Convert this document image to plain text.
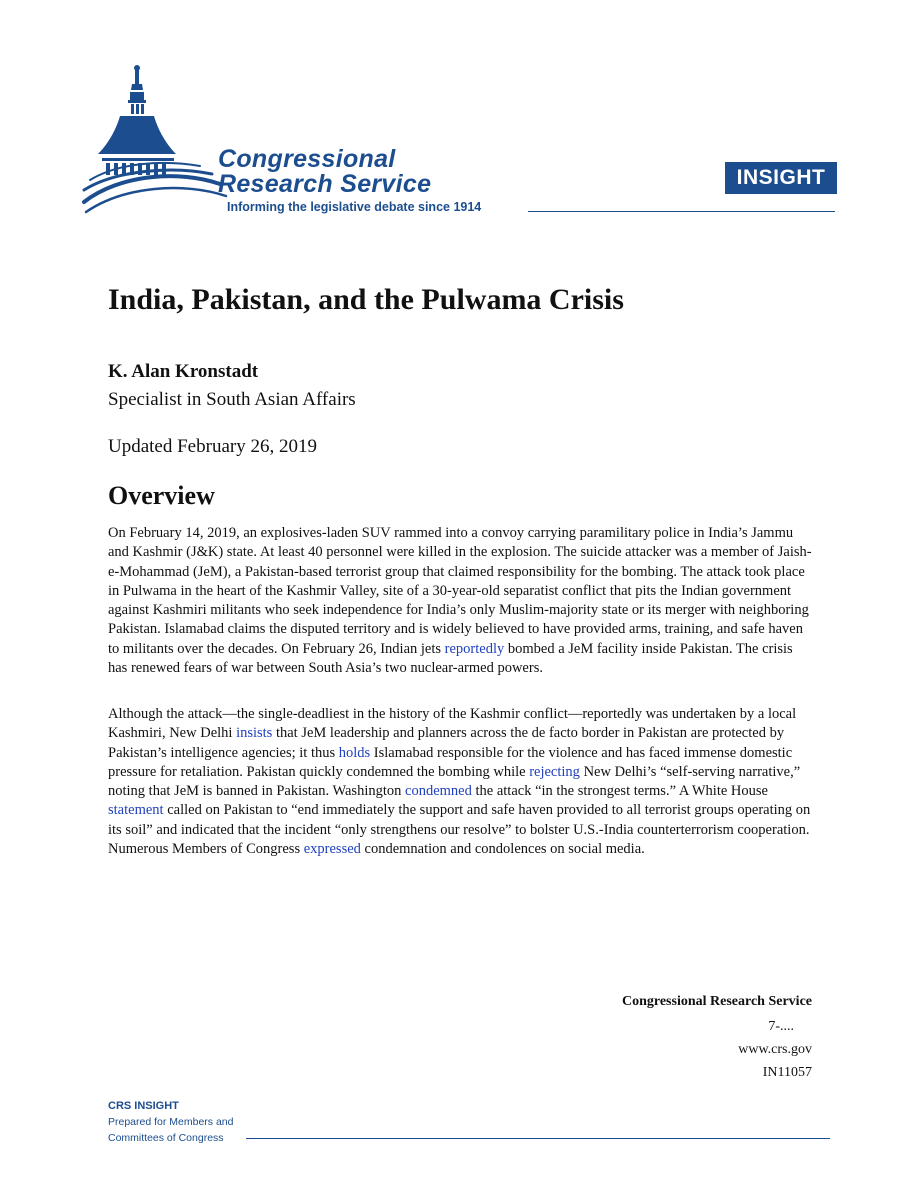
Congressional
Research Service
Informing the legislative debate since 1914
INSIGHT
India, Pakistan, and the Pulwama Crisis
K. Alan Kronstadt
Specialist in South Asian Affairs
Updated February 26, 2019
Overview

On February 14, 2019, an explosives-laden SUV rammed into a convoy carrying paramilitary police in India’s Jammu and Kashmir (J&K) state. At least 40 personnel were killed in the explosion. The suicide attacker was a member of Jaish-e-Mohammad (JeM), a Pakistan-based terrorist group that claimed responsibility for the bombing. The attack took place in Pulwama in the heart of the Kashmir Valley, site of a 30-year-old separatist conflict that pits the Indian government against Kashmiri militants who seek independence for India’s only Muslim-majority state or its merger with neighboring Pakistan. Islamabad claims the disputed territory and is widely believed to have provided arms, training, and safe haven to militants over the decades. On February 26, Indian jets reportedly bombed a JeM facility inside Pakistan. The crisis has renewed fears of war between South Asia’s two nuclear-armed powers.

Although the attack—the single-deadliest in the history of the Kashmir conflict—reportedly was undertaken by a local Kashmiri, New Delhi insists that JeM leadership and planners across the de facto border in Pakistan are protected by Pakistan’s intelligence agencies; it thus holds Islamabad responsible for the violence and has faced immense domestic pressure for retaliation. Pakistan quickly condemned the bombing while rejecting New Delhi’s “self-serving narrative,” noting that JeM is banned in Pakistan. Washington condemned the attack “in the strongest terms.” A White House statement called on Pakistan to “end immediately the support and safe haven provided to all terrorist groups operating on its soil” and indicated that the incident “only strengthens our resolve” to bolster U.S.-India counterterrorism cooperation. Numerous Members of Congress expressed condemnation and condolences on social media.

Congressional Research Service
7-....
www.crs.gov
IN11057
CRS INSIGHT
Prepared for Members and
Committees of Congress
